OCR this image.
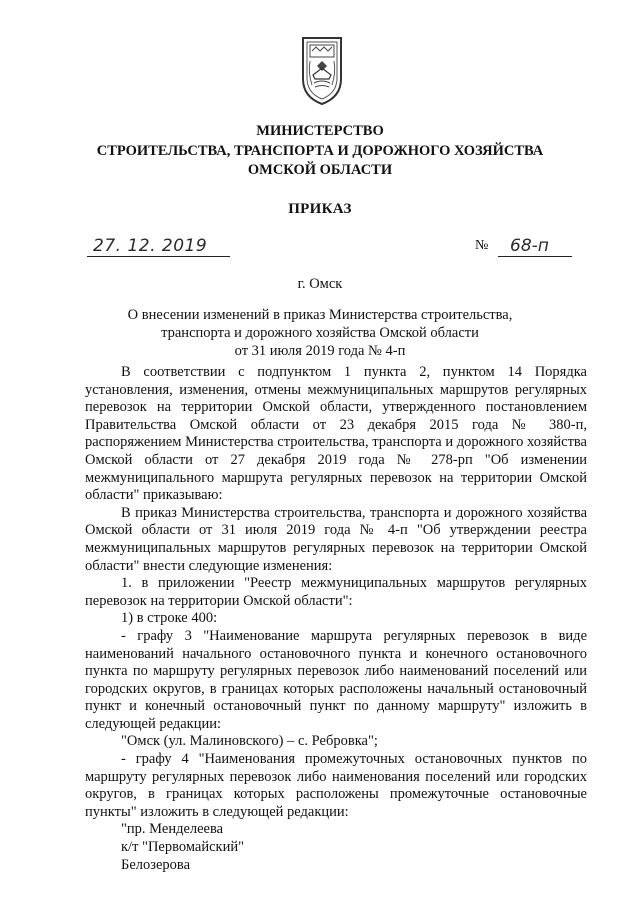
МИНИСТЕРСТВО
СТРОИТЕЛЬСТВА, ТРАНСПОРТА И ДОРОЖНОГО ХОЗЯЙСТВА
ОМСКОЙ ОБЛАСТИ
ПРИКАЗ
27. 12. 2019	№ 68-п
г. Омск
О внесении изменений в приказ Министерства строительства,
транспорта и дорожного хозяйства Омской области
от 31 июля 2019 года № 4-п

В соответствии с подпунктом 1 пункта 2, пунктом 14 Порядка установления, изменения, отмены межмуниципальных маршрутов регулярных перевозок на территории Омской области, утвержденного постановлением Правительства Омской области от 23 декабря 2015 года № 380-п, распоряжением Министерства строительства, транспорта и дорожного хозяйства Омской области от 27 декабря 2019 года № 278-рп "Об изменении межмуниципального маршрута регулярных перевозок на территории Омской области" приказываю:

В приказ Министерства строительства, транспорта и дорожного хозяйства Омской области от 31 июля 2019 года № 4-п "Об утверждении реестра межмуниципальных маршрутов регулярных перевозок на территории Омской области" внести следующие изменения:

1. в приложении "Реестр межмуниципальных маршрутов регулярных перевозок на территории Омской области":

1) в строке 400:

- графу 3 "Наименование маршрута регулярных перевозок в виде наименований начального остановочного пункта и конечного остановочного пункта по маршруту регулярных перевозок либо наименований поселений или городских округов, в границах которых расположены начальный остановочный пункт и конечный остановочный пункт по данному маршруту" изложить в следующей редакции:

"Омск (ул. Малиновского) – с. Ребровка";

- графу 4 "Наименования промежуточных остановочных пунктов по маршруту регулярных перевозок либо наименования поселений или городских округов, в границах которых расположены промежуточные остановочные пункты" изложить в следующей редакции:

"пр. Менделеева

к/т "Первомайский"

Белозерова
